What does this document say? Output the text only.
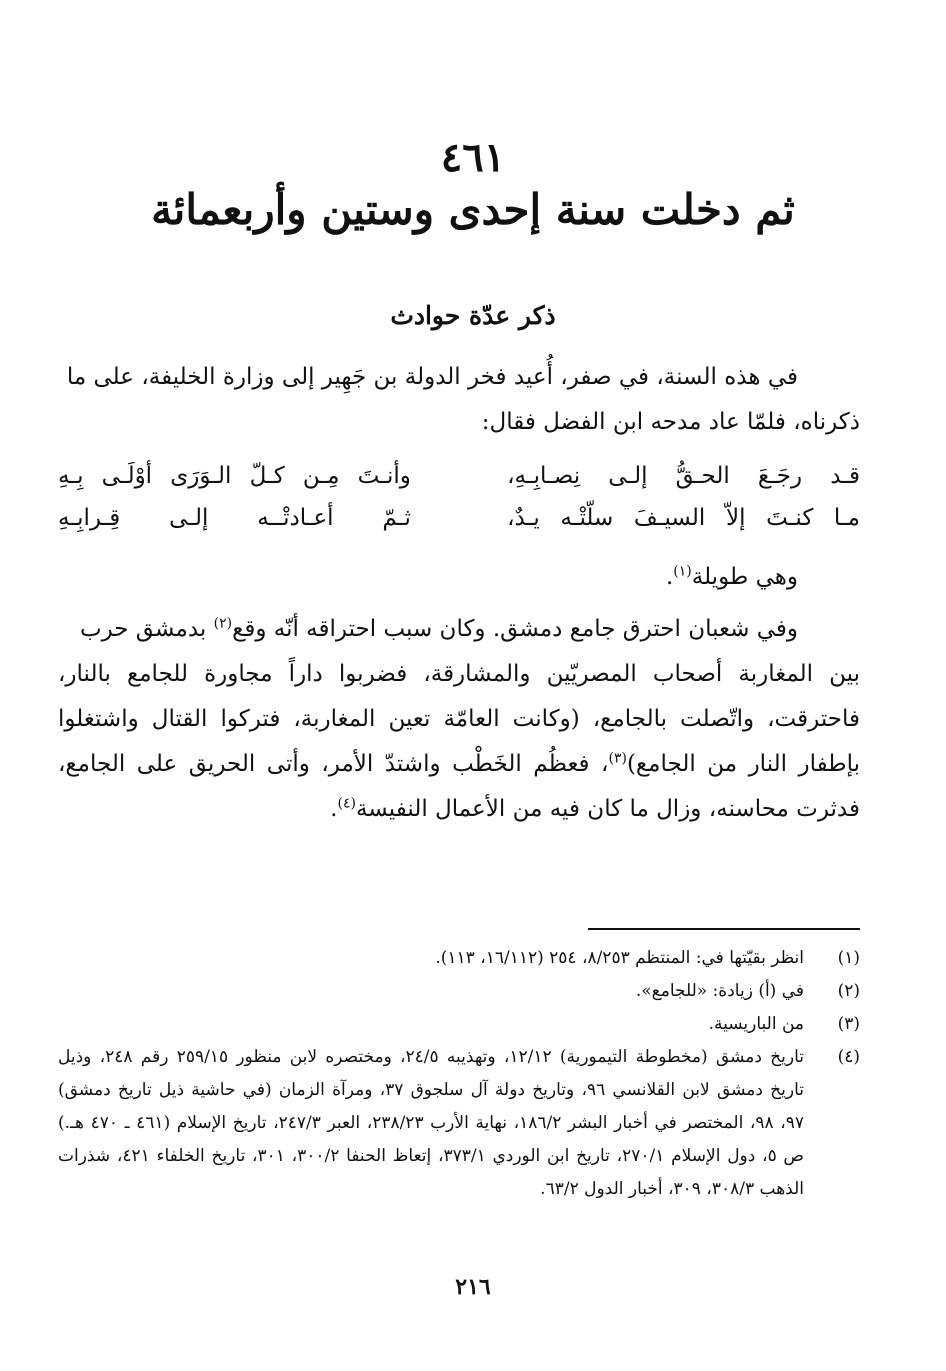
٤٦١
ثم دخلت سنة إحدى وستين وأربعمائة
ذكر عدّة حوادث
في هذه السنة، في صفر، أُعيد فخر الدولة بن جَهِير إلى وزارة الخليفة، على ما
ذكرناه، فلمّا عاد مدحه ابن الفضل فقال:
قـد رجَـعَ الحـقُّ إلـى نِصـابِـهِ،
وأنـتَ مِـن كـلّ الـوَرَى أوْلَـى بِـهِ
مـا كنـتَ إلاّ السيـفَ سلّتْـه يـدٌ،
ثـمّ أعـادتْــه إلـى قِـرابِـهِ
وهي طويلة$^{(١)}$.
وفي شعبان احترق جامع دمشق. وكان سبب احتراقه أنّه وقع$^{(٢)}$ بدمشق حرب
بين المغاربة أصحاب المصريّين والمشارقة، فضربوا داراً مجاورة للجامع بالنار، فاحترقت، واتّصلت بالجامع، (وكانت العامّة تعين المغاربة، فتركوا القتال واشتغلوا بإطفار النار من الجامع)$^{(٣)}$، فعظُم الخَطْب واشتدّ الأمر، وأتى الحريق على الجامع، فدثرت محاسنه، وزال ما كان فيه من الأعمال النفيسة$^{(٤)}$.
(١)
انظر بقيّتها في: المنتظم ٨/٢٥٣، ٢٥٤ (١٦/١١٢، ١١٣).
(٢)
في (أ) زيادة: «للجامع».
(٣)
من الباريسية.
(٤)
تاريخ دمشق (مخطوطة التيمورية) ١٢/١٢، وتهذيبه ٢٤/٥، ومختصره لابن منظور ٢٥٩/١٥ رقم ٢٤٨، وذيل تاريخ دمشق لابن القلانسي ٩٦، وتاريخ دولة آل سلجوق ٣٧، ومرآة الزمان (في حاشية ذيل تاريخ دمشق) ٩٧، ٩٨، المختصر في أخبار البشر ١٨٦/٢، نهاية الأرب ٢٣٨/٢٣، العبر ٢٤٧/٣، تاريخ الإسلام (٤٦١ ـ ٤٧٠ هـ.) ص ٥، دول الإسلام ٢٧٠/١، تاريخ ابن الوردي ٣٧٣/١، إتعاظ الحنفا ٣٠٠/٢، ٣٠١، تاريخ الخلفاء ٤٢١، شذرات الذهب ٣٠٨/٣، ٣٠٩، أخبار الدول ٦٣/٢.
٢١٦
